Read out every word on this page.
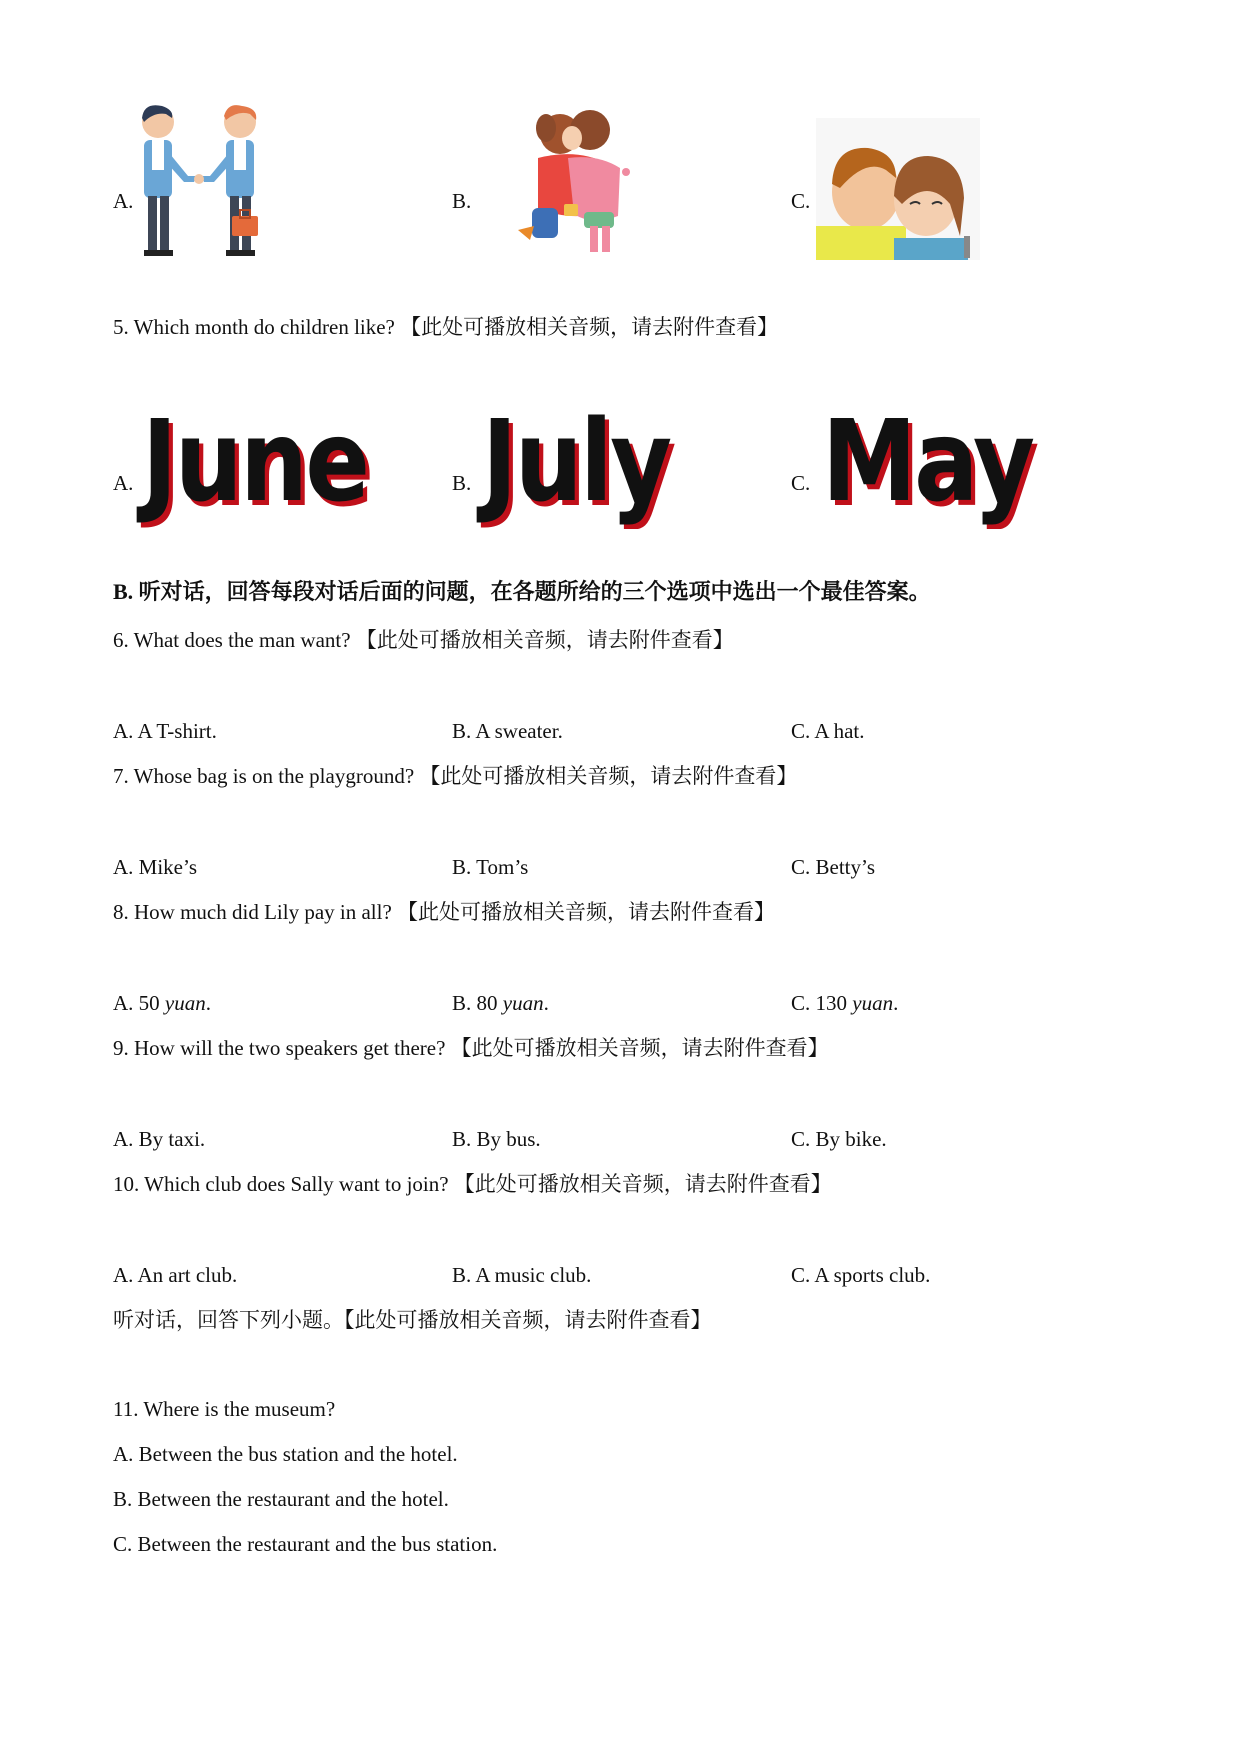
A.	B.	C.
5. Which month do children like? 【此处可播放相关音频，请去附件查看】
A. June	B. July	C. May
B. 听对话，回答每段对话后面的问题，在各题所给的三个选项中选出一个最佳答案。
6. What does the man want? 【此处可播放相关音频，请去附件查看】
A. A T-shirt.	B. A sweater.	C. A hat.
7. Whose bag is on the playground? 【此处可播放相关音频，请去附件查看】
A. Mike’s	B. Tom’s	C. Betty’s
8. How much did Lily pay in all? 【此处可播放相关音频，请去附件查看】
A. 50 yuan.	B. 80 yuan.	C. 130 yuan.
9. How will the two speakers get there? 【此处可播放相关音频，请去附件查看】
A. By taxi.	B. By bus.	C. By bike.
10. Which club does Sally want to join? 【此处可播放相关音频，请去附件查看】
A. An art club.	B. A music club.	C. A sports club.
听对话，回答下列小题。【此处可播放相关音频，请去附件查看】
11. Where is the museum?
A. Between the bus station and the hotel.
B. Between the restaurant and the hotel.
C. Between the restaurant and the bus station.
